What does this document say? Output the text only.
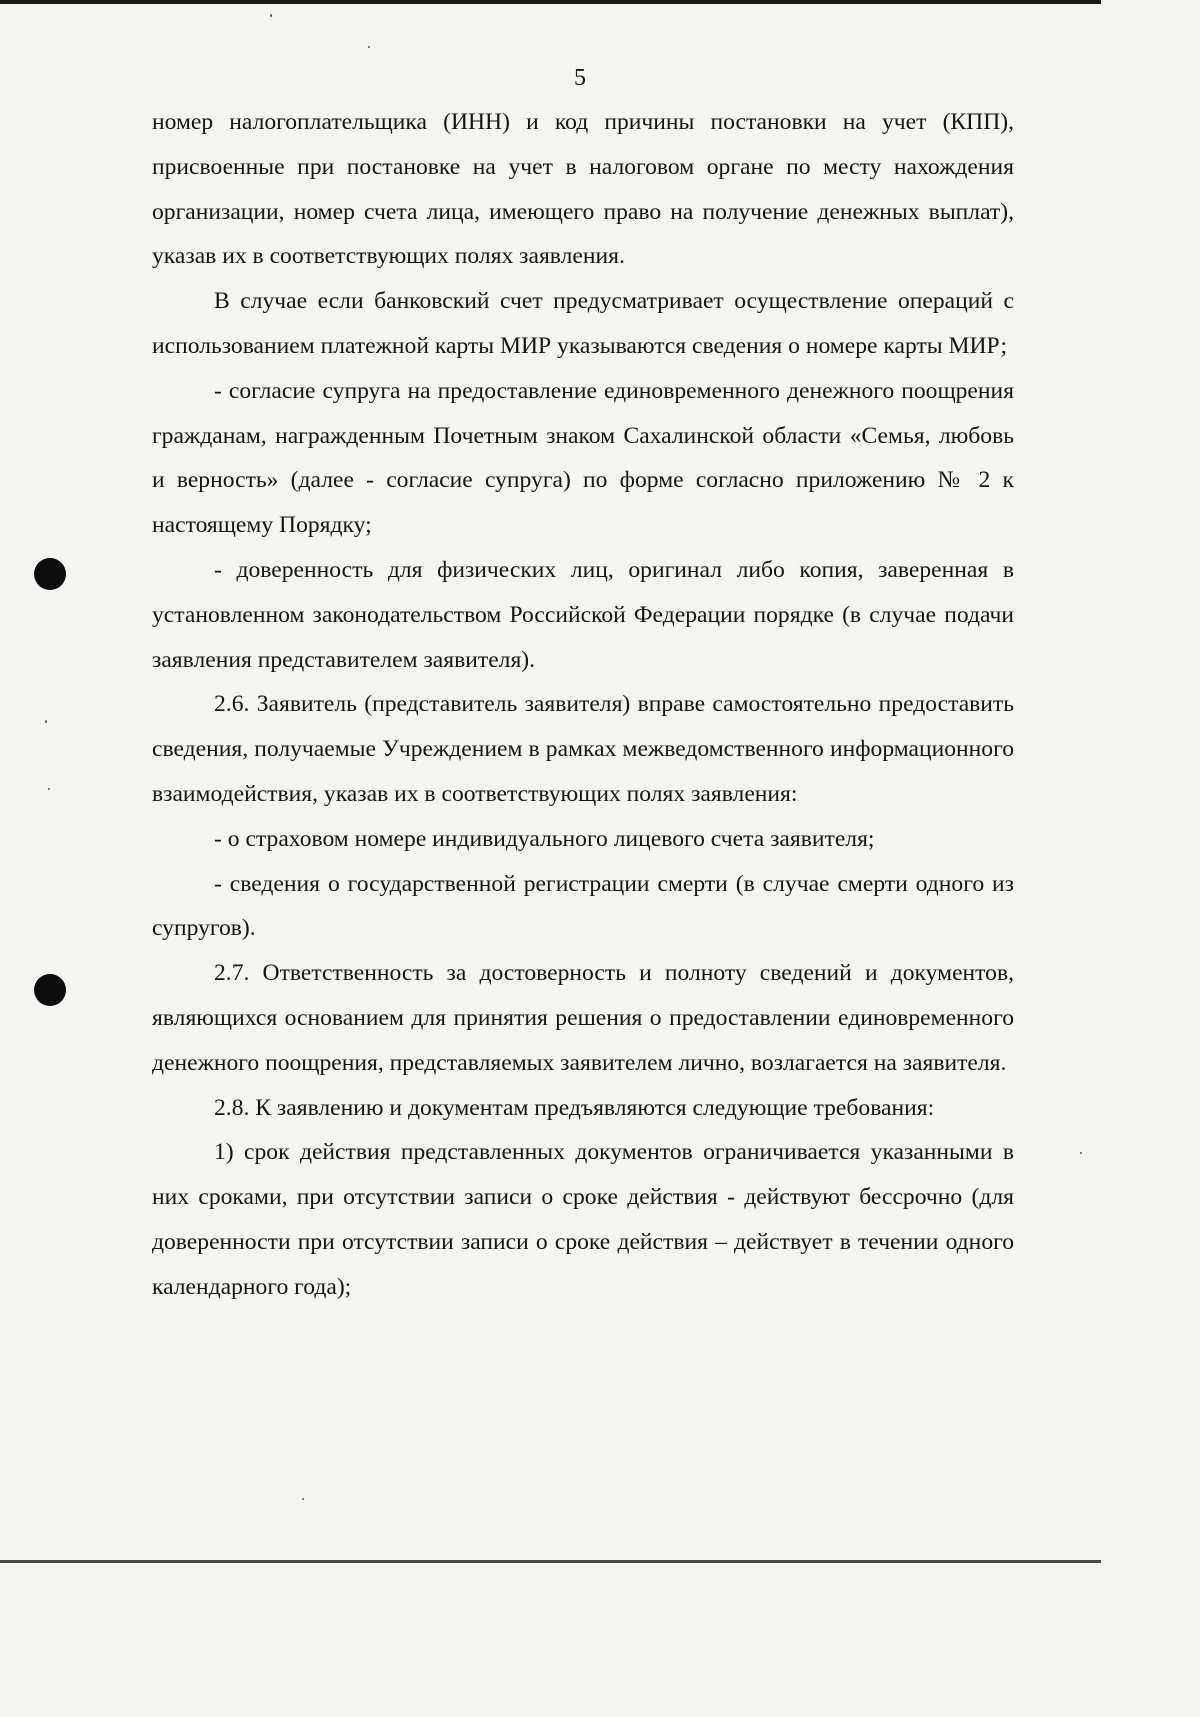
5

номер налогоплательщика (ИНН) и код причины постановки на учет (КПП), присвоенные при постановке на учет в налоговом органе по месту нахождения организации, номер счета лица, имеющего право на получение денежных выплат), указав их в соответствующих полях заявления.

В случае если банковский счет предусматривает осуществление операций с использованием платежной карты МИР указываются сведения о номере карты МИР;

- согласие супруга на предоставление единовременного денежного поощрения гражданам, награжденным Почетным знаком Сахалинской области «Семья, любовь и верность» (далее - согласие супруга) по форме согласно приложению № 2 к настоящему Порядку;

- доверенность для физических лиц, оригинал либо копия, заверенная в установленном законодательством Российской Федерации порядке (в случае подачи заявления представителем заявителя).

2.6. Заявитель (представитель заявителя) вправе самостоятельно предоставить сведения, получаемые Учреждением в рамках межведомственного информационного взаимодействия, указав их в соответствующих полях заявления:

- о страховом номере индивидуального лицевого счета заявителя;

- сведения о государственной регистрации смерти (в случае смерти одного из супругов).

2.7. Ответственность за достоверность и полноту сведений и документов, являющихся основанием для принятия решения о предоставлении единовременного денежного поощрения, представляемых заявителем лично, возлагается на заявителя.

2.8. К заявлению и документам предъявляются следующие требования:

1) срок действия представленных документов ограничивается указанными в них сроками, при отсутствии записи о сроке действия - действуют бессрочно (для доверенности при отсутствии записи о сроке действия – действует в течении одного календарного года);
